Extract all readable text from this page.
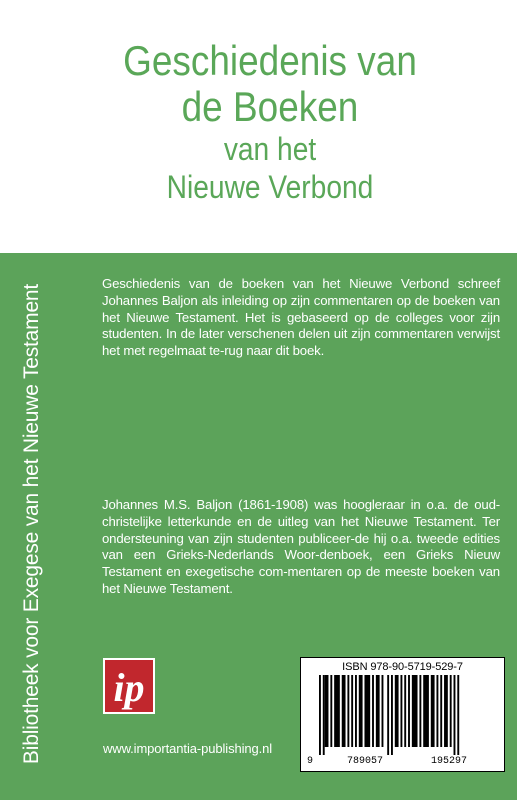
Geschiedenis van
de Boeken
van het
Nieuwe Verbond
Bibliotheek voor Exegese van het Nieuwe Testament

Geschiedenis van de boeken van het Nieuwe Verbond schreef Johannes Baljon als inleiding op zijn commentaren op de boeken van het Nieuwe Testament. Het is gebaseerd op de colleges voor zijn studenten. In de later verschenen delen uit zijn commentaren verwijst het met regelmaat te-rug naar dit boek.

Johannes M.S. Baljon (1861-1908) was hoogleraar in o.a. de oud-christelijke letterkunde en de uitleg van het Nieuwe Testament. Ter ondersteuning van zijn studenten publiceer-de hij o.a. tweede edities van een Grieks-Nederlands Woor-denboek, een Grieks Nieuw Testament en exegetische com-mentaren op de meeste boeken van het Nieuwe Testament.

ip
www.importantia-publishing.nl
ISBN 978-90-5719-529-7
9	789057	195297
